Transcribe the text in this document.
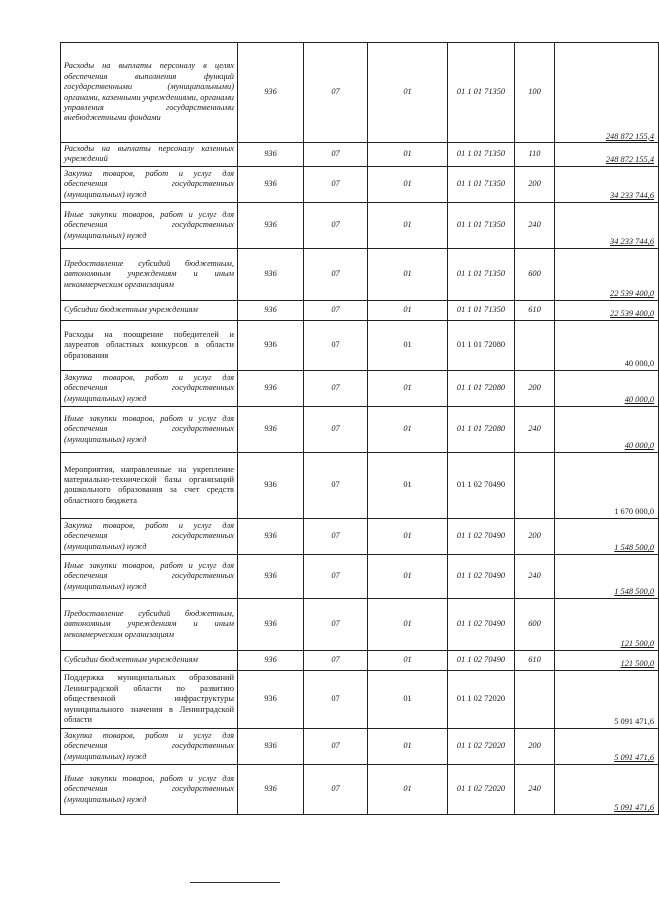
Расходы на выплаты персоналу в целях обеспечения выполнения функций государственными (муниципальными) органами, казенными учреждениями, органами управления государственными внебюджетными фондами	936	07	01	01 1 01 71350	100	248 872 155,4
Расходы на выплаты персоналу казенных учреждений	936	07	01	01 1 01 71350	110	248 872 155,4
Закупка товаров, работ и услуг для обеспечения государственных (муниципальных) нужд	936	07	01	01 1 01 71350	200	34 233 744,6
Иные закупки товаров, работ и услуг для обеспечения государственных (муниципальных) нужд	936	07	01	01 1 01 71350	240	34 233 744,6
Предоставление субсидий бюджетным, автономным учреждениям и иным некоммерческим организациям	936	07	01	01 1 01 71350	600	22 539 400,0
Субсидии бюджетным учреждениям	936	07	01	01 1 01 71350	610	22 539 400,0
Расходы на поощрение победителей и лауреатов областных конкурсов в области образования	936	07	01	01 1 01 72080		40 000,0
Закупка товаров, работ и услуг для обеспечения государственных (муниципальных) нужд	936	07	01	01 1 01 72080	200	40 000,0
Иные закупки товаров, работ и услуг для обеспечения государственных (муниципальных) нужд	936	07	01	01 1 01 72080	240	40 000,0
Мероприятия, направленные на укрепление материально-технической базы организаций дошкольного образования за счет средств областного бюджета	936	07	01	01 1 02 70490		1 670 000,0
Закупка товаров, работ и услуг для обеспечения государственных (муниципальных) нужд	936	07	01	01 1 02 70490	200	1 548 500,0
Иные закупки товаров, работ и услуг для обеспечения государственных (муниципальных) нужд	936	07	01	01 1 02 70490	240	1 548 500,0
Предоставление субсидий бюджетным, автономным учреждениям и иным некоммерческим организациям	936	07	01	01 1 02 70490	600	121 500,0
Субсидии бюджетным учреждениям	936	07	01	01 1 02 70490	610	121 500,0
Поддержка муниципальных образований Ленинградской области по развитию общественной инфраструктуры муниципального значения в Ленинградской области	936	07	01	01 1 02 72020		5 091 471,6
Закупка товаров, работ и услуг для обеспечения государственных (муниципальных) нужд	936	07	01	01 1 02 72020	200	5 091 471,6
Иные закупки товаров, работ и услуг для обеспечения государственных (муниципальных) нужд	936	07	01	01 1 02 72020	240	5 091 471,6
